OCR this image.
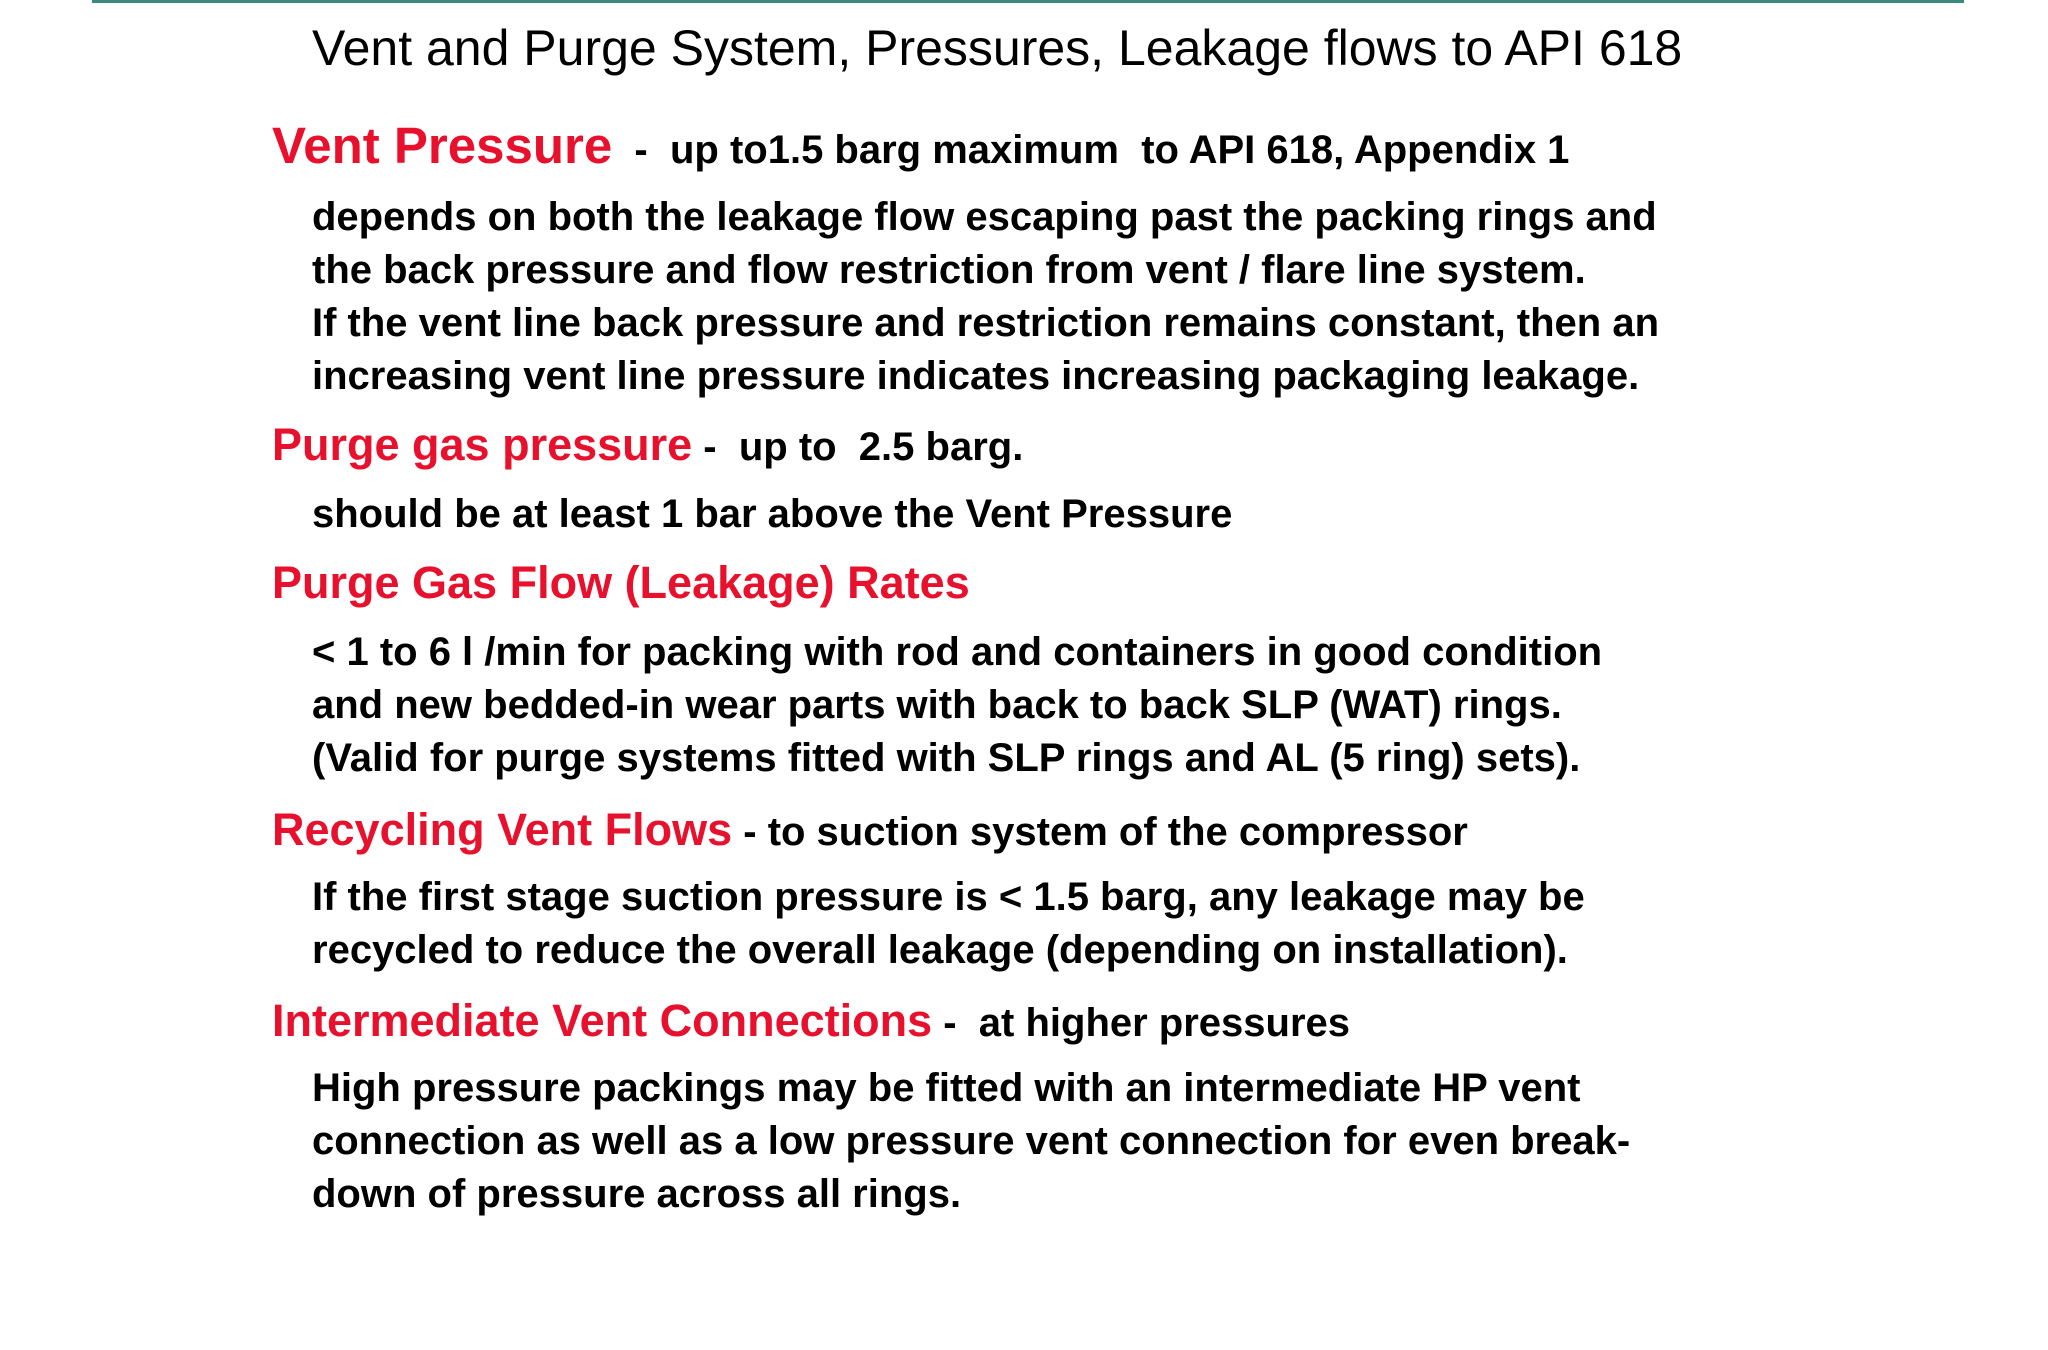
Vent and Purge System, Pressures, Leakage flows to API 618
Vent Pressure  -  up to1.5 barg maximum  to API 618, Appendix 1
depends on both the leakage flow escaping past the packing rings and
the back pressure and flow restriction from vent / flare line system.
If the vent line back pressure and restriction remains constant, then an
increasing vent line pressure indicates increasing packaging leakage.
Purge gas pressure -  up to  2.5 barg.
should be at least 1 bar above the Vent Pressure
Purge Gas Flow (Leakage) Rates
< 1 to 6 l /min for packing with rod and containers in good condition
and new bedded-in wear parts with back to back SLP (WAT) rings.
(Valid for purge systems fitted with SLP rings and AL (5 ring) sets).
Recycling Vent Flows - to suction system of the compressor
If the first stage suction pressure is < 1.5 barg, any leakage may be
recycled to reduce the overall leakage (depending on installation).
Intermediate Vent Connections -  at higher pressures
High pressure packings may be fitted with an intermediate HP vent
connection as well as a low pressure vent connection for even break-
down of pressure across all rings.
